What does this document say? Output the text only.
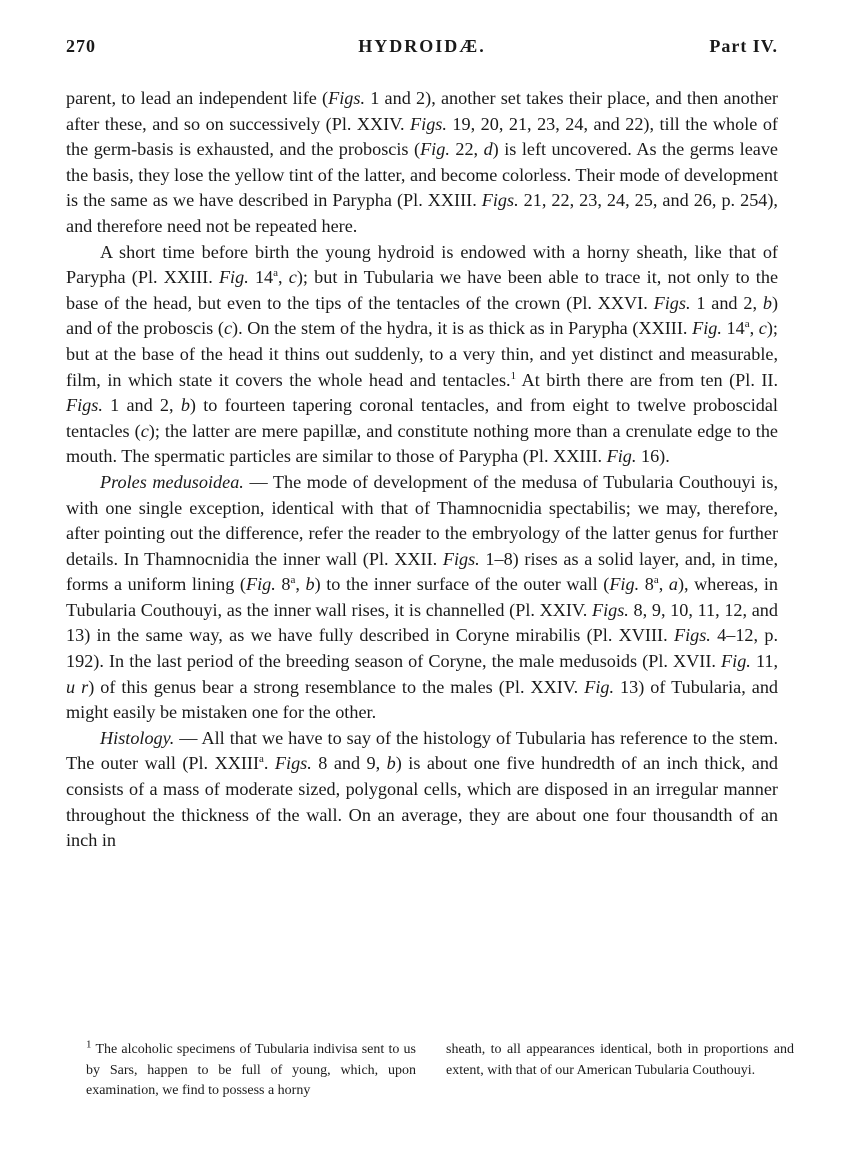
270	HYDROIDÆ.	Part IV.

parent, to lead an independent life (Figs. 1 and 2), another set takes their place, and then another after these, and so on successively (Pl. XXIV. Figs. 19, 20, 21, 23, 24, and 22), till the whole of the germ-basis is exhausted, and the proboscis (Fig. 22, d) is left uncovered. As the germs leave the basis, they lose the yellow tint of the latter, and become colorless. Their mode of development is the same as we have described in Parypha (Pl. XXIII. Figs. 21, 22, 23, 24, 25, and 26, p. 254), and therefore need not be repeated here.

A short time before birth the young hydroid is endowed with a horny sheath, like that of Parypha (Pl. XXIII. Fig. 14$^a$, c); but in Tubularia we have been able to trace it, not only to the base of the head, but even to the tips of the tentacles of the crown (Pl. XXVI. Figs. 1 and 2, b) and of the proboscis (c). On the stem of the hydra, it is as thick as in Parypha (XXIII. Fig. 14$^a$, c); but at the base of the head it thins out suddenly, to a very thin, and yet distinct and measurable, film, in which state it covers the whole head and tentacles.$^1$ At birth there are from ten (Pl. II. Figs. 1 and 2, b) to fourteen tapering coronal tentacles, and from eight to twelve proboscidal tentacles (c); the latter are mere papillæ, and constitute nothing more than a crenulate edge to the mouth. The spermatic particles are similar to those of Parypha (Pl. XXIII. Fig. 16).

Proles medusoidea. — The mode of development of the medusa of Tubularia Couthouyi is, with one single exception, identical with that of Thamnocnidia spectabilis; we may, therefore, after pointing out the difference, refer the reader to the embryology of the latter genus for further details. In Thamnocnidia the inner wall (Pl. XXII. Figs. 1–8) rises as a solid layer, and, in time, forms a uniform lining (Fig. 8$^a$, b) to the inner surface of the outer wall (Fig. 8$^a$, a), whereas, in Tubularia Couthouyi, as the inner wall rises, it is channelled (Pl. XXIV. Figs. 8, 9, 10, 11, 12, and 13) in the same way, as we have fully described in Coryne mirabilis (Pl. XVIII. Figs. 4–12, p. 192). In the last period of the breeding season of Coryne, the male medusoids (Pl. XVII. Fig. 11, u r) of this genus bear a strong resemblance to the males (Pl. XXIV. Fig. 13) of Tubularia, and might easily be mistaken one for the other.

Histology. — All that we have to say of the histology of Tubularia has reference to the stem. The outer wall (Pl. XXIII$^a$. Figs. 8 and 9, b) is about one five hundredth of an inch thick, and consists of a mass of moderate sized, polygonal cells, which are disposed in an irregular manner throughout the thickness of the wall. On an average, they are about one four thousandth of an inch in

$^1$ The alcoholic specimens of Tubularia indivisa sent to us by Sars, happen to be full of young, which, upon examination, we find to possess a horny

sheath, to all appearances identical, both in proportions and extent, with that of our American Tubularia Couthouyi.
